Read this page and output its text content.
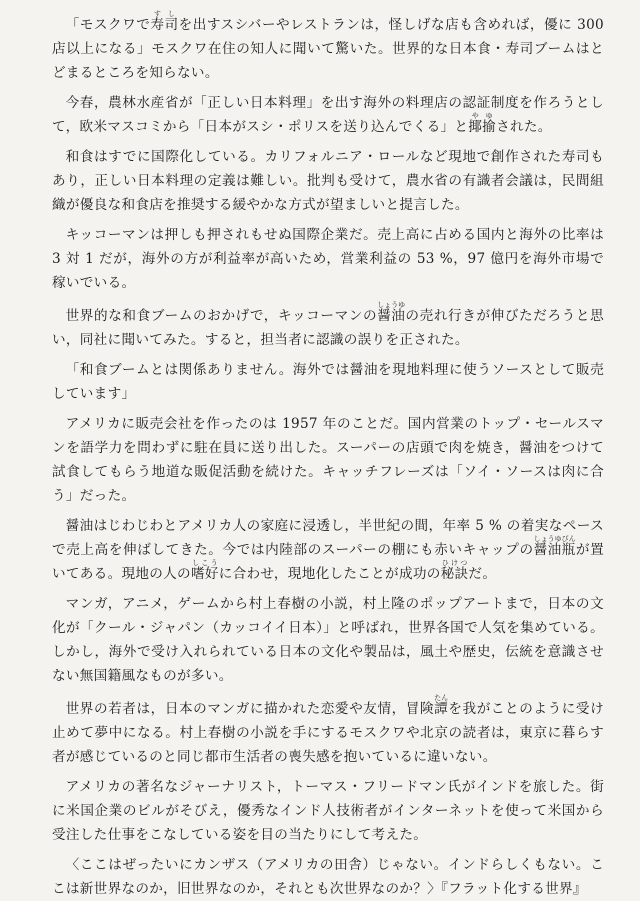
「モスクワで寿司すしを出すスシバーやレストランは，怪しげな店も含めれば，優に 300 店以上になる」モスクワ在住の知人に聞いて驚いた。世界的な日本食・寿司ブームはとどまるところを知らない。

今春，農林水産省が「正しい日本料理」を出す海外の料理店の認証制度を作ろうとして，欧米マスコミから「日本がスシ・ポリスを送り込んでくる」と揶揄やゆされた。

和食はすでに国際化している。カリフォルニア・ロールなど現地で創作された寿司もあり，正しい日本料理の定義は難しい。批判も受けて，農水省の有識者会議は，民間組織が優良な和食店を推奨する緩やかな方式が望ましいと提言した。

キッコーマンは押しも押されもせぬ国際企業だ。売上高に占める国内と海外の比率は 3 対 1 だが，海外の方が利益率が高いため，営業利益の 53 %，97 億円を海外市場で稼いでいる。

世界的な和食ブームのおかげで，キッコーマンの醤油しょうゆの売れ行きが伸びただろうと思い，同社に聞いてみた。すると，担当者に認識の誤りを正された。

「和食ブームとは関係ありません。海外では醤油を現地料理に使うソースとして販売しています」

アメリカに販売会社を作ったのは 1957 年のことだ。国内営業のトップ・セールスマンを語学力を問わずに駐在員に送り出した。スーパーの店頭で肉を焼き，醤油をつけて試食してもらう地道な販促活動を続けた。キャッチフレーズは「ソイ・ソースは肉に合う」だった。

醤油はじわじわとアメリカ人の家庭に浸透し，半世紀の間，年率 5 % の着実なペースで売上高を伸ばしてきた。今では内陸部のスーパーの棚にも赤いキャップの醤油瓶しょうゆびんが置いてある。現地の人の嗜好しこうに合わせ，現地化したことが成功の秘訣ひけつだ。

マンガ，アニメ，ゲームから村上春樹の小説，村上隆のポップアートまで，日本の文化が「クール・ジャパン（カッコイイ日本）」と呼ばれ，世界各国で人気を集めている。しかし，海外で受け入れられている日本の文化や製品は，風土や歴史，伝統を意識させない無国籍風なものが多い。

世界の若者は，日本のマンガに描かれた恋愛や友情，冒険譚たんを我がことのように受け止めて夢中になる。村上春樹の小説を手にするモスクワや北京の読者は，東京に暮らす者が感じているのと同じ都市生活者の喪失感を抱いているに違いない。

アメリカの著名なジャーナリスト，トーマス・フリードマン氏がインドを旅した。街に米国企業のビルがそびえ，優秀なインド人技術者がインターネットを使って米国から受注した仕事をこなしている姿を目の当たりにして考えた。

〈ここはぜったいにカンザス（アメリカの田舎）じゃない。インドらしくもない。ここは新世界なのか，旧世界なのか，それとも次世界なのか？〉『フラット化する世界』
